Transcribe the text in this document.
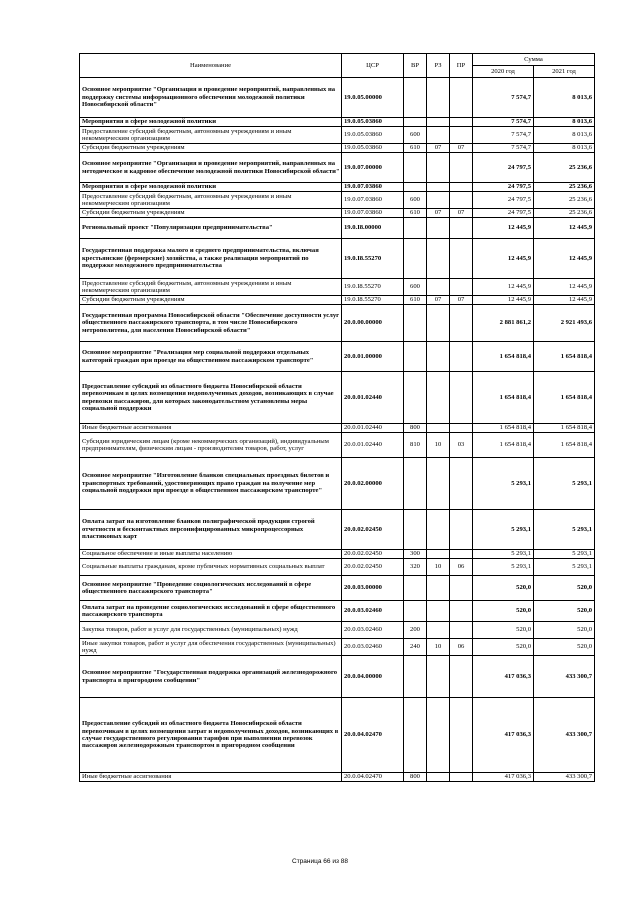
Наименование	ЦСР	ВР	РЗ	ПР	Сумма	
					2020 год	2021 год
Основное мероприятие "Организация и проведение мероприятий, направленных на поддержку системы информационного обеспечения молодежной политики Новосибирской области"	19.0.05.00000				7 574,7	8 013,6
Мероприятия в сфере молодежной политики	19.0.05.03860				7 574,7	8 013,6
Предоставление субсидий бюджетным, автономным учреждениям и иным некоммерческим организациям	19.0.05.03860	600			7 574,7	8 013,6
Субсидии бюджетным учреждениям	19.0.05.03860	610	07	07	7 574,7	8 013,6
Основное мероприятие "Организация и проведение мероприятий, направленных на методическое и кадровое обеспечение молодежной политики Новосибирской области"	19.0.07.00000				24 797,5	25 236,6
Мероприятия в сфере молодежной политики	19.0.07.03860				24 797,5	25 236,6
Предоставление субсидий бюджетным, автономным учреждениям и иным некоммерческим организациям	19.0.07.03860	600			24 797,5	25 236,6
Субсидии бюджетным учреждениям	19.0.07.03860	610	07	07	24 797,5	25 236,6
Региональный проект "Популяризация предпринимательства"	19.0.I8.00000				12 445,9	12 445,9
Государственная поддержка малого и среднего предпринимательства, включая крестьянские (фермерские) хозяйства, а также реализация мероприятий по поддержке молодежного предпринимательства	19.0.I8.55270				12 445,9	12 445,9
Предоставление субсидий бюджетным, автономным учреждениям и иным некоммерческим организациям	19.0.I8.55270	600			12 445,9	12 445,9
Субсидии бюджетным учреждениям	19.0.I8.55270	610	07	07	12 445,9	12 445,9
Государственная программа Новосибирской области "Обеспечение доступности услуг общественного пассажирского транспорта, в том числе Новосибирского метрополитена, для населения Новосибирской области"	20.0.00.00000				2 881 861,2	2 921 493,6
Основное мероприятие "Реализация мер социальной поддержки отдельных категорий граждан при проезде на общественном пассажирском транспорте"	20.0.01.00000				1 654 818,4	1 654 818,4
Предоставление субсидий из областного бюджета Новосибирской области перевозчикам в целях возмещения недополученных доходов, возникающих в случае перевозки пассажиров, для которых законодательством установлены меры социальной поддержки	20.0.01.02440				1 654 818,4	1 654 818,4
Иные бюджетные ассигнования	20.0.01.02440	800			1 654 818,4	1 654 818,4
Субсидии юридическим лицам (кроме некоммерческих организаций), индивидуальным предпринимателям, физическим лицам - производителям товаров, работ, услуг	20.0.01.02440	810	10	03	1 654 818,4	1 654 818,4
Основное мероприятие "Изготовление бланков специальных проездных билетов и транспортных требований, удостоверяющих право граждан на получение мер социальной поддержки при проезде в общественном пассажирском транспорте"	20.0.02.00000				5 293,1	5 293,1
Оплата затрат на изготовление бланков полиграфической продукции строгой отчетности и бесконтактных персонифицированных микропроцессорных пластиковых карт	20.0.02.02450				5 293,1	5 293,1
Социальное обеспечение и иные выплаты населению	20.0.02.02450	300			5 293,1	5 293,1
Социальные выплаты гражданам, кроме публичных нормативных социальных выплат	20.0.02.02450	320	10	06	5 293,1	5 293,1
Основное мероприятие "Проведение социологических исследований в сфере общественного пассажирского транспорта"	20.0.03.00000				520,0	520,0
Оплата затрат на проведение социологических исследований в сфере общественного пассажирского транспорта	20.0.03.02460				520,0	520,0
Закупка товаров, работ и услуг для государственных (муниципальных) нужд	20.0.03.02460	200			520,0	520,0
Иные закупки товаров, работ и услуг для обеспечения государственных (муниципальных) нужд	20.0.03.02460	240	10	06	520,0	520,0
Основное мероприятие "Государственная поддержка организаций железнодорожного транспорта в пригородном сообщении"	20.0.04.00000				417 036,3	433 300,7
Предоставление субсидий из областного бюджета Новосибирской области перевозчикам в целях возмещения затрат и недополученных доходов, возникающих в случае государственного регулирования тарифов при выполнении перевозок пассажиров железнодорожным транспортом в пригородном сообщении	20.0.04.02470				417 036,3	433 300,7
Иные бюджетные ассигнования	20.0.04.02470	800			417 036,3	433 300,7
Страница 66 из 88
